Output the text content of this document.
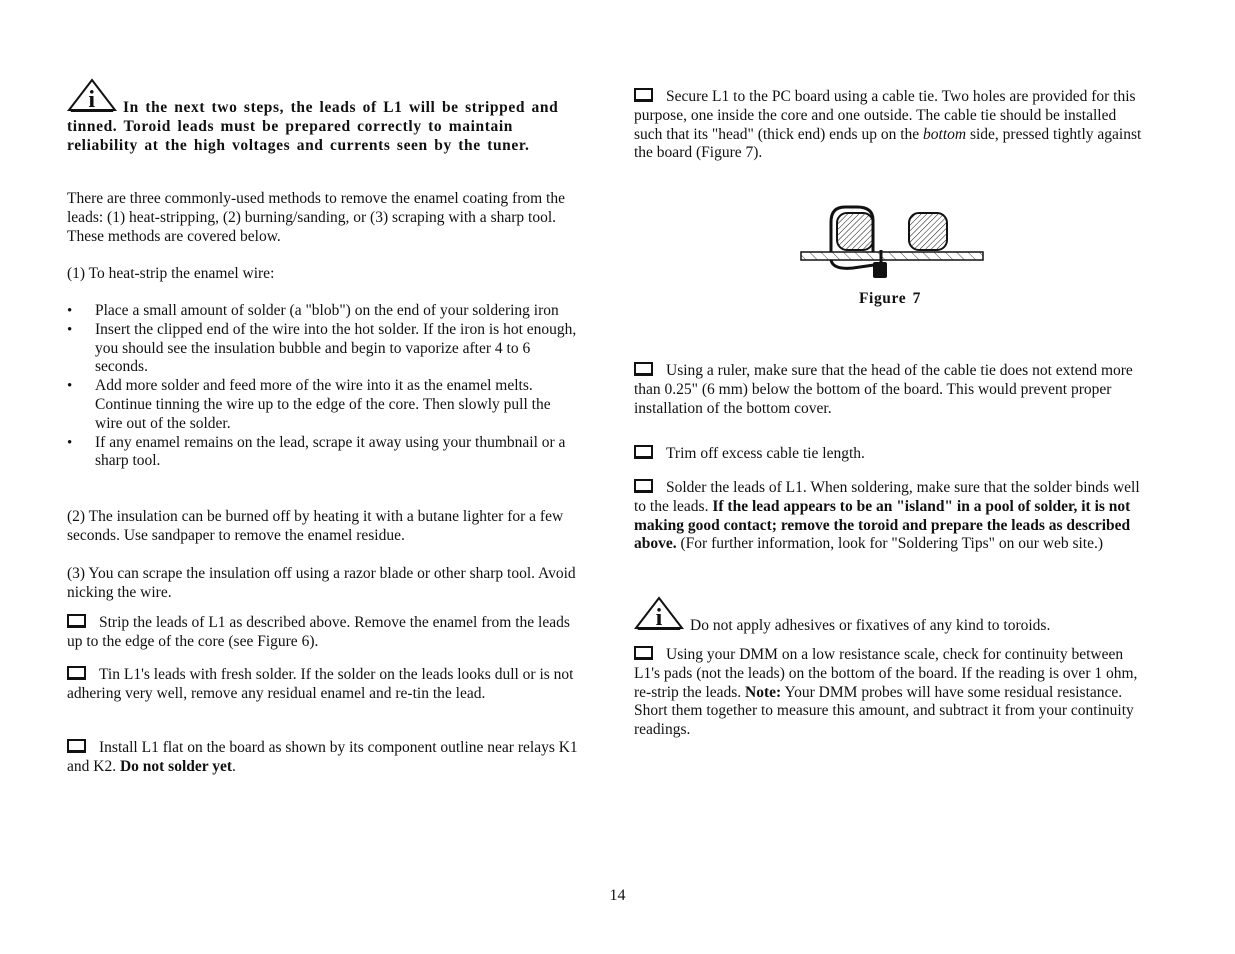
i In the next two steps, the leads of L1 will be stripped and tinned. Toroid leads must be prepared correctly to maintain reliability at the high voltages and currents seen by the tuner.

There are three commonly-used methods to remove the enamel coating from the leads: (1) heat-stripping, (2) burning/sanding, or (3) scraping with a sharp tool. These methods are covered below.

(1) To heat-strip the enamel wire:

• Place a small amount of solder (a "blob") on the end of your soldering iron
• Insert the clipped end of the wire into the hot solder. If the iron is hot enough, you should see the insulation bubble and begin to vaporize after 4 to 6 seconds.
• Add more solder and feed more of the wire into it as the enamel melts. Continue tinning the wire up to the edge of the core. Then slowly pull the wire out of the solder.
• If any enamel remains on the lead, scrape it away using your thumbnail or a sharp tool.

(2) The insulation can be burned off by heating it with a butane lighter for a few seconds. Use sandpaper to remove the enamel residue.

(3) You can scrape the insulation off using a razor blade or other sharp tool. Avoid nicking the wire.

Strip the leads of L1 as described above. Remove the enamel from the leads up to the edge of the core (see Figure 6).

Tin L1's leads with fresh solder. If the solder on the leads looks dull or is not adhering very well, remove any residual enamel and re-tin the lead.

Install L1 flat on the board as shown by its component outline near relays K1 and K2. Do not solder yet.

Secure L1 to the PC board using a cable tie. Two holes are provided for this purpose, one inside the core and one outside. The cable tie should be installed such that its "head" (thick end) ends up on the bottom side, pressed tightly against the board (Figure 7).

Figure 7

Using a ruler, make sure that the head of the cable tie does not extend more than 0.25" (6 mm) below the bottom of the board. This would prevent proper installation of the bottom cover.

Trim off excess cable tie length.

Solder the leads of L1. When soldering, make sure that the solder binds well to the leads. If the lead appears to be an "island" in a pool of solder, it is not making good contact; remove the toroid and prepare the leads as described above. (For further information, look for "Soldering Tips" on our web site.)

i Do not apply adhesives or fixatives of any kind to toroids.

Using your DMM on a low resistance scale, check for continuity between L1's pads (not the leads) on the bottom of the board. If the reading is over 1 ohm, re-strip the leads. Note: Your DMM probes will have some residual resistance. Short them together to measure this amount, and subtract it from your continuity readings.

14
